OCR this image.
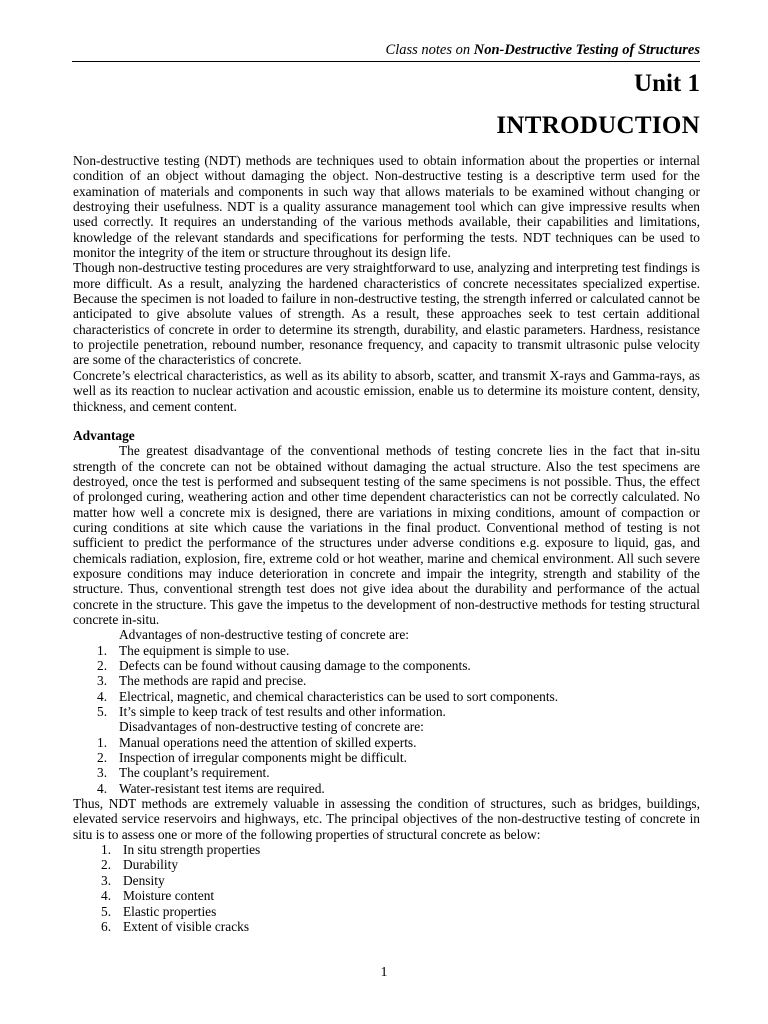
Class notes on Non-Destructive Testing of Structures
Unit 1
INTRODUCTION

Non-destructive testing (NDT) methods are techniques used to obtain information about the properties or internal condition of an object without damaging the object. Non-destructive testing is a descriptive term used for the examination of materials and components in such way that allows materials to be examined without changing or destroying their usefulness. NDT is a quality assurance management tool which can give impressive results when used correctly. It requires an understanding of the various methods available, their capabilities and limitations, knowledge of the relevant standards and specifications for performing the tests. NDT techniques can be used to monitor the integrity of the item or structure throughout its design life.

Though non-destructive testing procedures are very straightforward to use, analyzing and interpreting test findings is more difficult. As a result, analyzing the hardened characteristics of concrete necessitates specialized expertise. Because the specimen is not loaded to failure in non-destructive testing, the strength inferred or calculated cannot be anticipated to give absolute values of strength. As a result, these approaches seek to test certain additional characteristics of concrete in order to determine its strength, durability, and elastic parameters. Hardness, resistance to projectile penetration, rebound number, resonance frequency, and capacity to transmit ultrasonic pulse velocity are some of the characteristics of concrete.

Concrete’s electrical characteristics, as well as its ability to absorb, scatter, and transmit X-rays and Gamma-rays, as well as its reaction to nuclear activation and acoustic emission, enable us to determine its moisture content, density, thickness, and cement content.

Advantage

The greatest disadvantage of the conventional methods of testing concrete lies in the fact that in-situ strength of the concrete can not be obtained without damaging the actual structure. Also the test specimens are destroyed, once the test is performed and subsequent testing of the same specimens is not possible. Thus, the effect of prolonged curing, weathering action and other time dependent characteristics can not be correctly calculated. No matter how well a concrete mix is designed, there are variations in mixing conditions, amount of compaction or curing conditions at site which cause the variations in the final product. Conventional method of testing is not sufficient to predict the performance of the structures under adverse conditions e.g. exposure to liquid, gas, and chemicals radiation, explosion, fire, extreme cold or hot weather, marine and chemical environment. All such severe exposure conditions may induce deterioration in concrete and impair the integrity, strength and stability of the structure. Thus, conventional strength test does not give idea about the durability and performance of the actual concrete in the structure. This gave the impetus to the development of non-destructive methods for testing structural concrete in-situ.

Advantages of non-destructive testing of concrete are:

1. The equipment is simple to use.
2. Defects can be found without causing damage to the components.
3. The methods are rapid and precise.
4. Electrical, magnetic, and chemical characteristics can be used to sort components.
5. It’s simple to keep track of test results and other information.

Disadvantages of non-destructive testing of concrete are:

1. Manual operations need the attention of skilled experts.
2. Inspection of irregular components might be difficult.
3. The couplant’s requirement.
4. Water-resistant test items are required.

Thus, NDT methods are extremely valuable in assessing the condition of structures, such as bridges, buildings, elevated service reservoirs and highways, etc. The principal objectives of the non-destructive testing of concrete in situ is to assess one or more of the following properties of structural concrete as below:

1. In situ strength properties
2. Durability
3. Density
4. Moisture content
5. Elastic properties
6. Extent of visible cracks
1
